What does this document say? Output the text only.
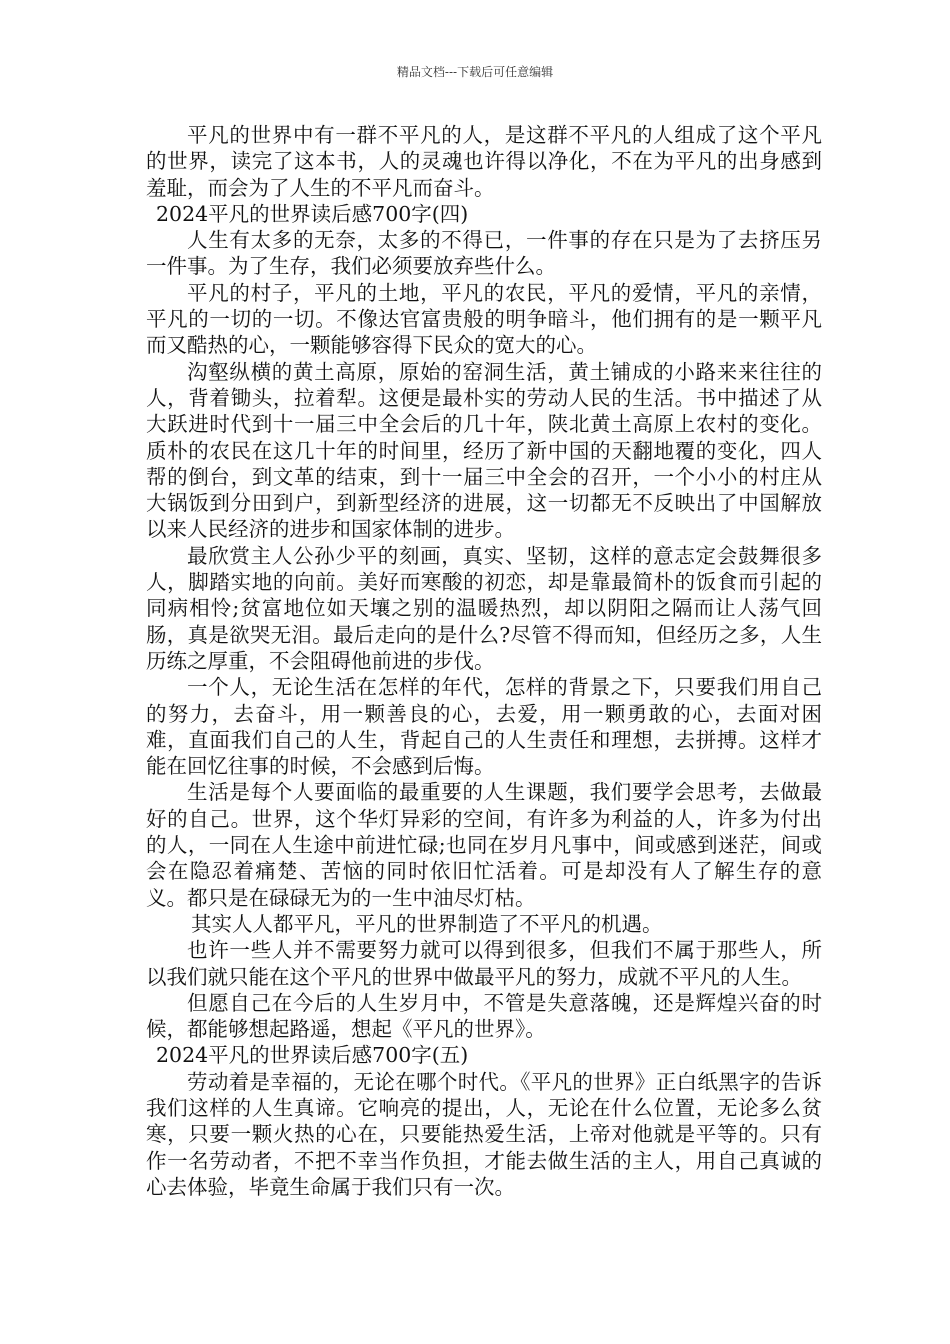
精品文档---下载后可任意编辑

平凡的世界中有一群不平凡的人，是这群不平凡的人组成了这个平凡的世界，读完了这本书，人的灵魂也许得以净化，不在为平凡的出身感到羞耻，而会为了人生的不平凡而奋斗。

2024平凡的世界读后感700字(四)

人生有太多的无奈，太多的不得已，一件事的存在只是为了去挤压另一件事。为了生存，我们必须要放弃些什么。

平凡的村子，平凡的土地，平凡的农民，平凡的爱情，平凡的亲情，平凡的一切的一切。不像达官富贵般的明争暗斗，他们拥有的是一颗平凡而又酷热的心，一颗能够容得下民众的宽大的心。

沟壑纵横的黄土高原，原始的窑洞生活，黄土铺成的小路来来往往的人，背着锄头，拉着犁。这便是最朴实的劳动人民的生活。书中描述了从大跃进时代到十一届三中全会后的几十年，陕北黄土高原上农村的变化。质朴的农民在这几十年的时间里，经历了新中国的天翻地覆的变化，四人帮的倒台，到文革的结束，到十一届三中全会的召开，一个小小的村庄从大锅饭到分田到户，到新型经济的进展，这一切都无不反映出了中国解放以来人民经济的进步和国家体制的进步。

最欣赏主人公孙少平的刻画，真实、坚韧，这样的意志定会鼓舞很多人，脚踏实地的向前。美好而寒酸的初恋，却是靠最简朴的饭食而引起的同病相怜;贫富地位如天壤之别的温暖热烈，却以阴阳之隔而让人荡气回肠，真是欲哭无泪。最后走向的是什么?尽管不得而知，但经历之多，人生历练之厚重，不会阻碍他前进的步伐。

一个人，无论生活在怎样的年代，怎样的背景之下，只要我们用自己的努力，去奋斗，用一颗善良的心，去爱，用一颗勇敢的心，去面对困难，直面我们自己的人生，背起自己的人生责任和理想，去拼搏。这样才能在回忆往事的时候，不会感到后悔。

生活是每个人要面临的最重要的人生课题，我们要学会思考，去做最好的自己。世界，这个华灯异彩的空间，有许多为利益的人，许多为付出的人，一同在人生途中前进忙碌;也同在岁月凡事中，间或感到迷茫，间或会在隐忍着痛楚、苦恼的同时依旧忙活着。可是却没有人了解生存的意义。都只是在碌碌无为的一生中油尽灯枯。

其实人人都平凡，平凡的世界制造了不平凡的机遇。

也许一些人并不需要努力就可以得到很多，但我们不属于那些人，所以我们就只能在这个平凡的世界中做最平凡的努力，成就不平凡的人生。

但愿自己在今后的人生岁月中，不管是失意落魄，还是辉煌兴奋的时候，都能够想起路遥，想起《平凡的世界》。

2024平凡的世界读后感700字(五)

劳动着是幸福的，无论在哪个时代。《平凡的世界》正白纸黑字的告诉我们这样的人生真谛。它响亮的提出，人，无论在什么位置，无论多么贫寒，只要一颗火热的心在，只要能热爱生活，上帝对他就是平等的。只有作一名劳动者，不把不幸当作负担，才能去做生活的主人，用自己真诚的心去体验，毕竟生命属于我们只有一次。
